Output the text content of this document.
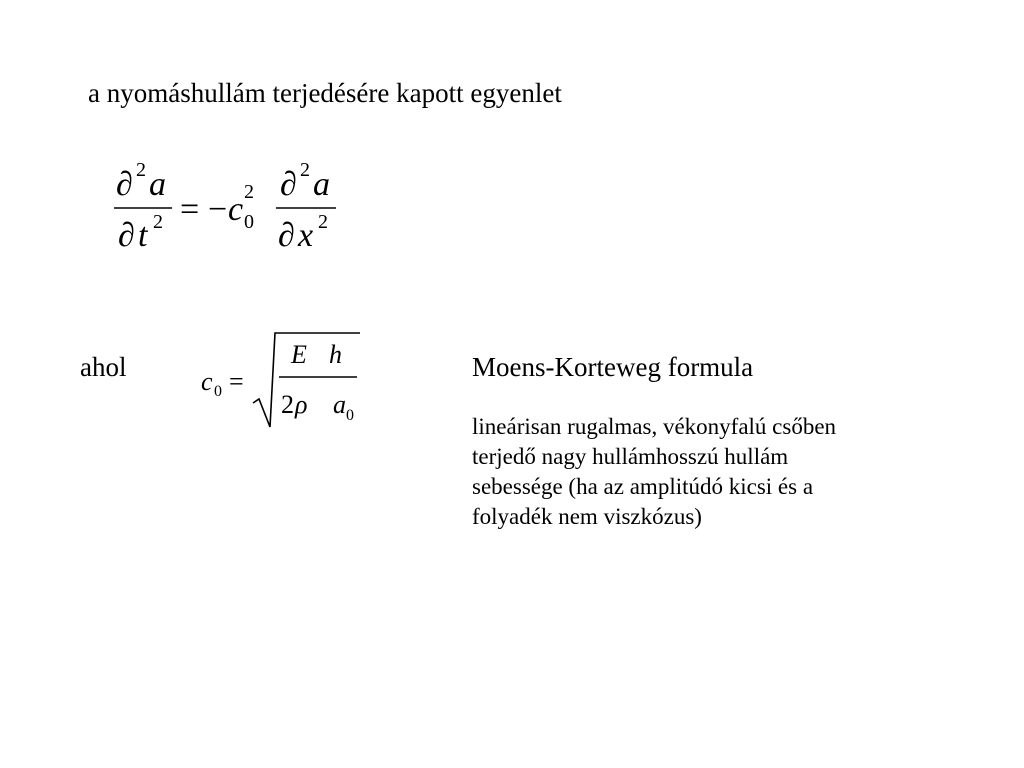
a nyomáshullám terjedésére kapott egyenlet
∂ 2 a
∂ t 2 = − c 2
0
∂ 2 a
∂ x 2
ahol	c 0 =
E h
2 ρ a 0
Moens-Korteweg formula
lineárisan rugalmas, vékonyfalú csőben
terjedő nagy hullámhosszú hullám
sebessége (ha az amplitúdó kicsi és a
folyadék nem viszkózus)
